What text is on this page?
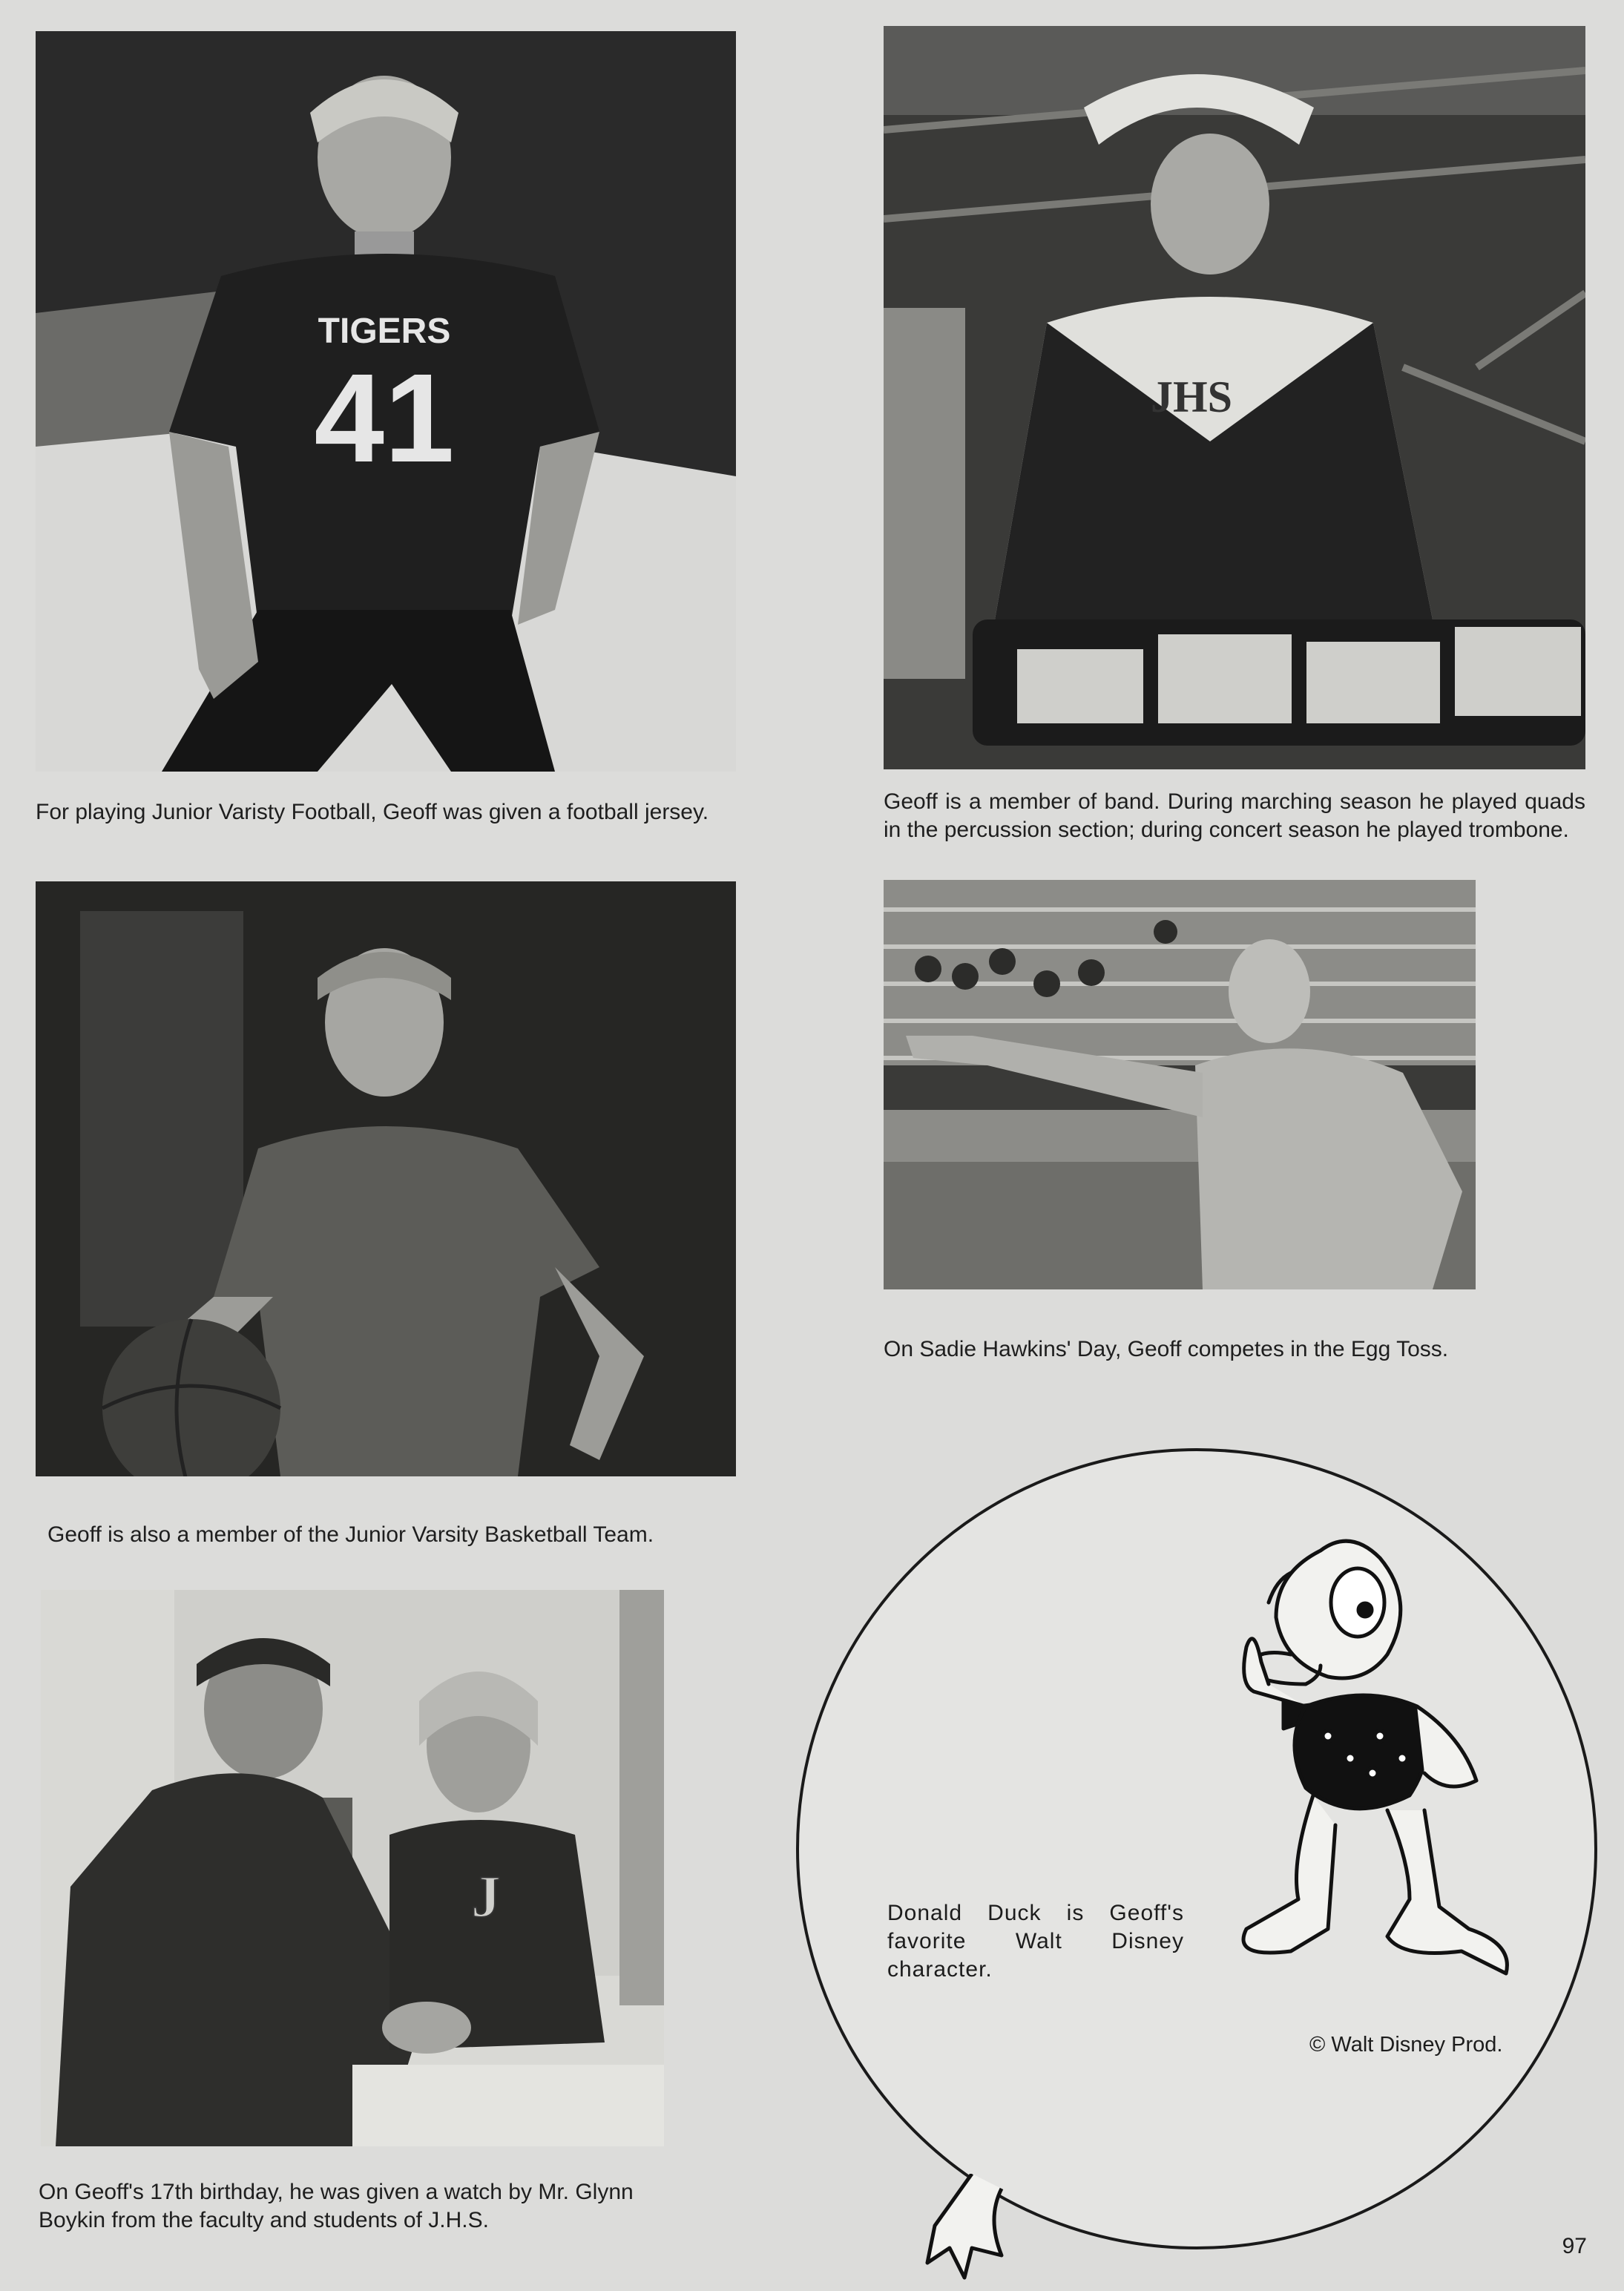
TIGERS
41
For playing Junior Varisty Football, Geoff was given a football jersey.
JHS
Geoff is a member of band. During marching season he played quads in the percussion section; during concert season he played trombone.
Geoff is also a member of the Junior Varsity Basketball Team.
On Sadie Hawkins' Day, Geoff competes in the Egg Toss.
J
On Geoff's 17th birthday, he was given a watch by Mr. Glynn Boykin from the faculty and students of J.H.S.
Donald Duck is Geoff's favorite Walt Disney character.
© Walt Disney Prod.
97
